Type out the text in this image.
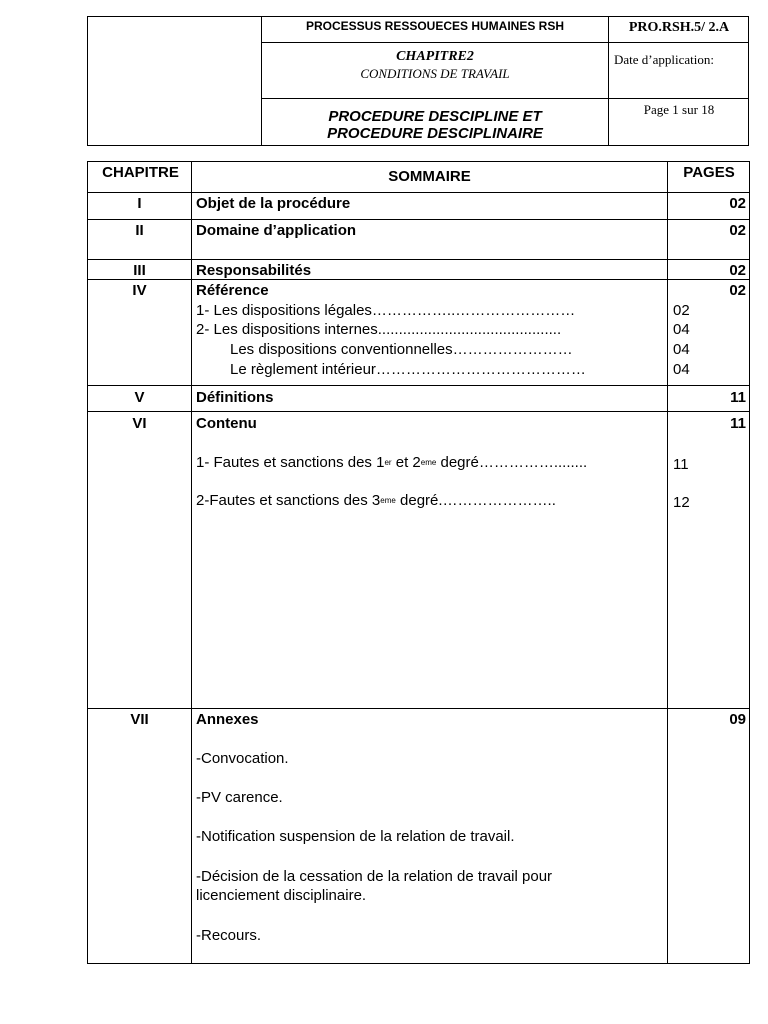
PROCESSUS RESSOUECES HUMAINES RSH	PRO.RSH.5/ 2.A
CHAPITRE2
CONDITIONS DE TRAVAIL
Date d’application:
PROCEDURE DESCIPLINE ET
PROCEDURE DESCIPLINAIRE
Page 1 sur 18
CHAPITRE	SOMMAIRE	PAGES
I	Objet de la procédure	02
II	Domaine d’application	02
III	Responsabilités	02
IV	Référence	02
1- Les dispositions légales……………..……………………	02
2- Les dispositions internes............................................	04
Les dispositions conventionnelles……………………	04
Le règlement intérieur……………………………………	04
V	Définitions	11
VI	Contenu	11
1- Fautes et sanctions des 1er et 2eme degré……………........	11
2-Fautes et sanctions des 3eme degré.…………………..	12
VII	Annexes	09
-Convocation.
-PV carence.
-Notification suspension de la relation de travail.
-Décision de la cessation de la relation de travail pour
licenciement disciplinaire.
-Recours.
